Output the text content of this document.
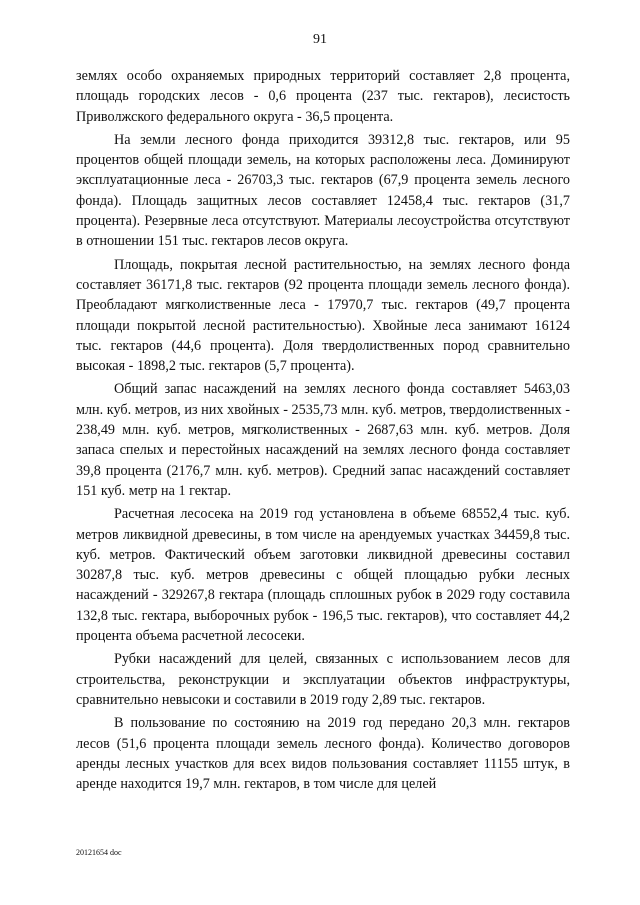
91

землях особо охраняемых природных территорий составляет 2,8 процента, площадь городских лесов - 0,6 процента (237 тыс. гектаров), лесистость Приволжского федерального округа - 36,5 процента.

На земли лесного фонда приходится 39312,8 тыс. гектаров, или 95 процентов общей площади земель, на которых расположены леса. Доминируют эксплуатационные леса - 26703,3 тыс. гектаров (67,9 процента земель лесного фонда). Площадь защитных лесов составляет 12458,4 тыс. гектаров (31,7 процента). Резервные леса отсутствуют. Материалы лесоустройства отсутствуют в отношении 151 тыс. гектаров лесов округа.

Площадь, покрытая лесной растительностью, на землях лесного фонда составляет 36171,8 тыс. гектаров (92 процента площади земель лесного фонда). Преобладают мягколиственные леса - 17970,7 тыс. гектаров (49,7 процента площади покрытой лесной растительностью). Хвойные леса занимают 16124 тыс. гектаров (44,6 процента). Доля твердолиственных пород сравнительно высокая - 1898,2 тыс. гектаров (5,7 процента).

Общий запас насаждений на землях лесного фонда составляет 5463,03 млн. куб. метров, из них хвойных - 2535,73 млн. куб. метров, твердолиственных - 238,49 млн. куб. метров, мягколиственных - 2687,63 млн. куб. метров. Доля запаса спелых и перестойных насаждений на землях лесного фонда составляет 39,8 процента (2176,7 млн. куб. метров). Средний запас насаждений составляет 151 куб. метр на 1 гектар.

Расчетная лесосека на 2019 год установлена в объеме 68552,4 тыс. куб. метров ликвидной древесины, в том числе на арендуемых участках 34459,8 тыс. куб. метров. Фактический объем заготовки ликвидной древесины составил 30287,8 тыс. куб. метров древесины с общей площадью рубки лесных насаждений - 329267,8 гектара (площадь сплошных рубок в 2029 году составила 132,8 тыс. гектара, выборочных рубок - 196,5 тыс. гектаров), что составляет 44,2 процента объема расчетной лесосеки.

Рубки насаждений для целей, связанных с использованием лесов для строительства, реконструкции и эксплуатации объектов инфраструктуры, сравнительно невысоки и составили в 2019 году 2,89 тыс. гектаров.

В пользование по состоянию на 2019 год передано 20,3 млн. гектаров лесов (51,6 процента площади земель лесного фонда). Количество договоров аренды лесных участков для всех видов пользования составляет 11155 штук, в аренде находится 19,7 млн. гектаров, в том числе для целей

20121654 doc
